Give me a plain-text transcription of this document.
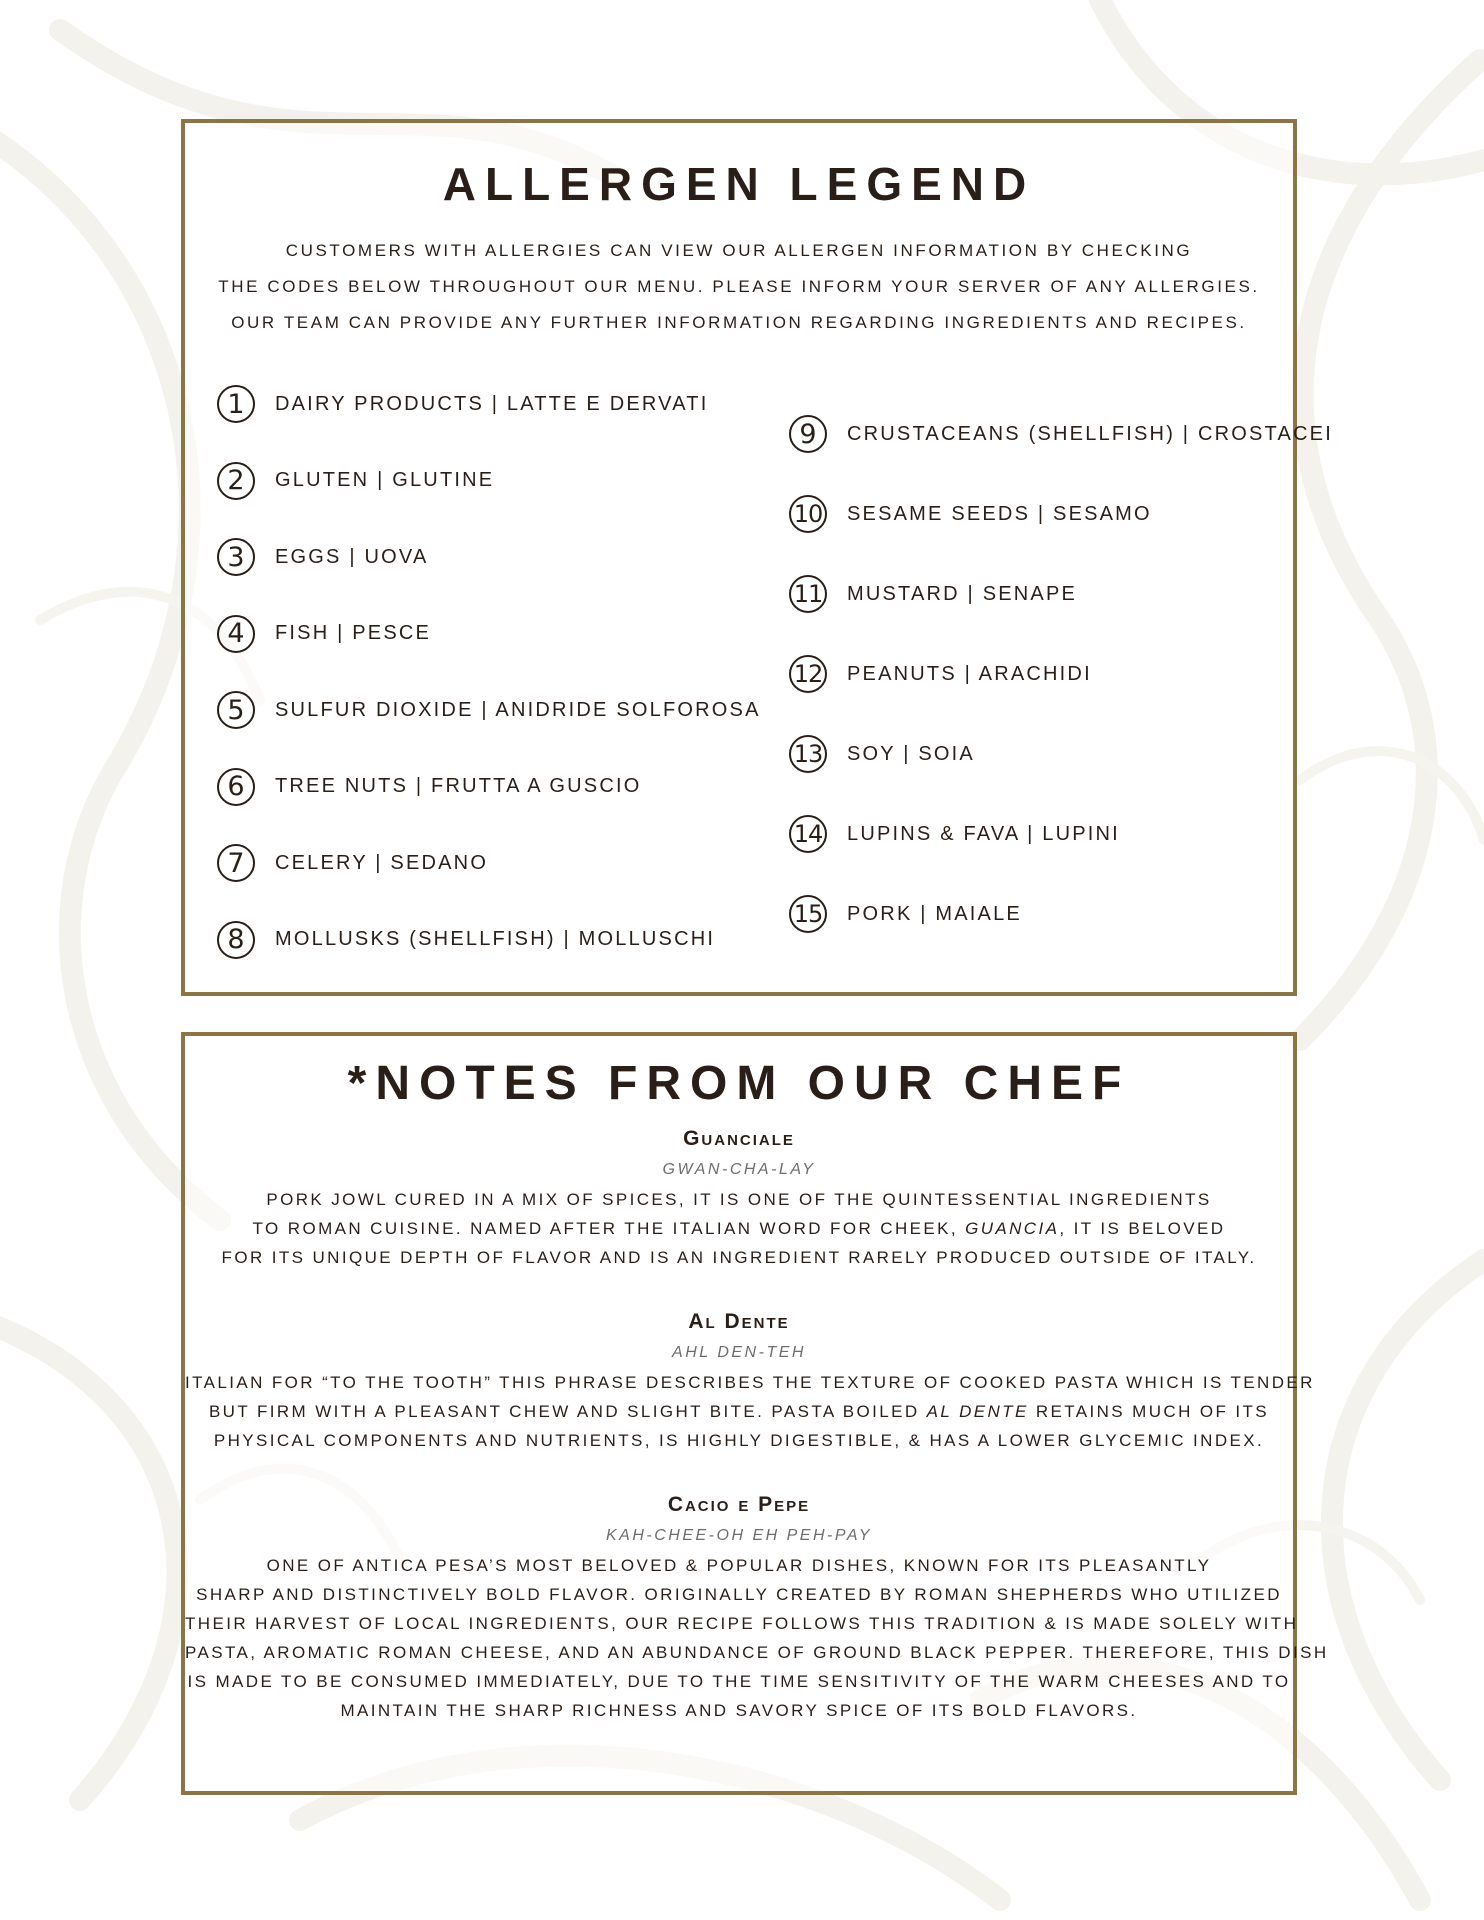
ALLERGEN LEGEND
CUSTOMERS WITH ALLERGIES CAN VIEW OUR ALLERGEN INFORMATION BY CHECKING
THE CODES BELOW THROUGHOUT OUR MENU. PLEASE INFORM YOUR SERVER OF ANY ALLERGIES.
OUR TEAM CAN PROVIDE ANY FURTHER INFORMATION REGARDING INGREDIENTS AND RECIPES.
1	DAIRY PRODUCTS | LATTE E DERVATI
2	GLUTEN | GLUTINE
3	EGGS | UOVA
4	FISH | PESCE
5	SULFUR DIOXIDE | ANIDRIDE SOLFOROSA
6	TREE NUTS | FRUTTA A GUSCIO
7	CELERY | SEDANO
8	MOLLUSKS (SHELLFISH) | MOLLUSCHI
9	CRUSTACEANS (SHELLFISH) | CROSTACEI
10 SESAME SEEDS | SESAMO
11 MUSTARD | SENAPE
12 PEANUTS | ARACHIDI
13 SOY | SOIA
14 LUPINS & FAVA | LUPINI
15 PORK | MAIALE
*NOTES FROM OUR CHEF
Guanciale
GWAN-CHA-LAY
PORK JOWL CURED IN A MIX OF SPICES, IT IS ONE OF THE QUINTESSENTIAL INGREDIENTS
TO ROMAN CUISINE. NAMED AFTER THE ITALIAN WORD FOR CHEEK, GUANCIA, IT IS BELOVED
FOR ITS UNIQUE DEPTH OF FLAVOR AND IS AN INGREDIENT RARELY PRODUCED OUTSIDE OF ITALY.
Al Dente
AHL DEN-TEH
ITALIAN FOR “TO THE TOOTH” THIS PHRASE DESCRIBES THE TEXTURE OF COOKED PASTA WHICH IS TENDER
BUT FIRM WITH A PLEASANT CHEW AND SLIGHT BITE. PASTA BOILED AL DENTE RETAINS MUCH OF ITS
PHYSICAL COMPONENTS AND NUTRIENTS, IS HIGHLY DIGESTIBLE, & HAS A LOWER GLYCEMIC INDEX.
Cacio e Pepe
KAH-CHEE-OH EH PEH-PAY
ONE OF ANTICA PESA’S MOST BELOVED & POPULAR DISHES, KNOWN FOR ITS PLEASANTLY
SHARP AND DISTINCTIVELY BOLD FLAVOR. ORIGINALLY CREATED BY ROMAN SHEPHERDS WHO UTILIZED
THEIR HARVEST OF LOCAL INGREDIENTS, OUR RECIPE FOLLOWS THIS TRADITION & IS MADE SOLELY WITH
PASTA, AROMATIC ROMAN CHEESE, AND AN ABUNDANCE OF GROUND BLACK PEPPER. THEREFORE, THIS DISH
IS MADE TO BE CONSUMED IMMEDIATELY, DUE TO THE TIME SENSITIVITY OF THE WARM CHEESES AND TO
MAINTAIN THE SHARP RICHNESS AND SAVORY SPICE OF ITS BOLD FLAVORS.
